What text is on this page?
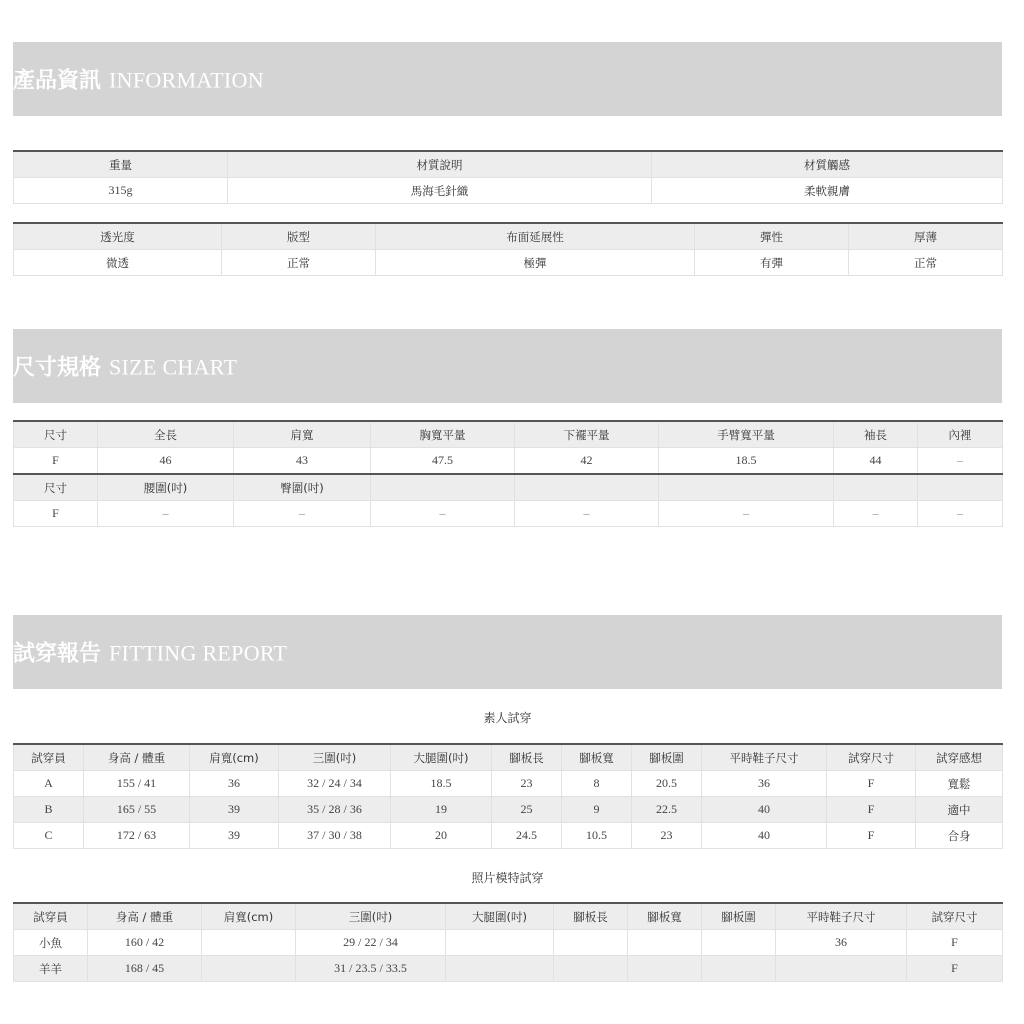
產品資訊 INFORMATION
重量	材質說明	材質觸感
315g	馬海毛針織	柔軟親膚
透光度	版型	布面延展性	彈性	厚薄
微透	正常	極彈	有彈	正常
尺寸規格 SIZE CHART
尺寸	全長	肩寬	胸寬平量	下襬平量	手臂寬平量	袖長	內裡
F	46	43	47.5	42	18.5	44	–
尺寸	腰圍(吋)	臀圍(吋)					
F	–	–	–	–	–	–	–
試穿報告 FITTING REPORT
素人試穿
試穿員	身高 / 體重	肩寬(cm)	三圍(吋)	大腿圍(吋)	腳板長	腳板寬	腳板圍	平時鞋子尺寸	試穿尺寸	試穿感想
A	155 / 41	36	32 / 24 / 34	18.5	23	8	20.5	36	F	寬鬆
B	165 / 55	39	35 / 28 / 36	19	25	9	22.5	40	F	適中
C	172 / 63	39	37 / 30 / 38	20	24.5	10.5	23	40	F	合身
照片模特試穿
試穿員	身高 / 體重	肩寬(cm)	三圍(吋)	大腿圍(吋)	腳板長	腳板寬	腳板圍	平時鞋子尺寸	試穿尺寸
小魚	160 / 42		29 / 22 / 34					36	F
羊羊	168 / 45		31 / 23.5 / 33.5						F
